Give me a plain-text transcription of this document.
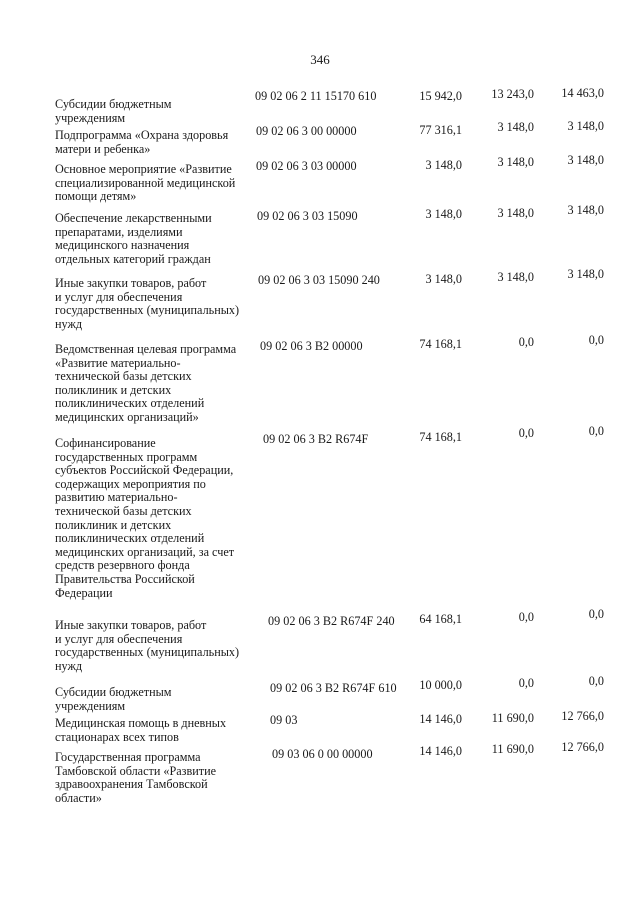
346
Субсидии бюджетным
учреждениям
09 02 06 2 11 15170 610	15 942,0	13 243,0	14 463,0
Подпрограмма «Охрана здоровья
матери и ребенка»
09 02 06 3 00 00000	77 316,1	3 148,0	3 148,0
Основное мероприятие «Развитие
специализированной медицинской
помощи детям»
09 02 06 3 03 00000	3 148,0	3 148,0	3 148,0
Обеспечение лекарственными
препаратами, изделиями
медицинского назначения
отдельных категорий граждан
09 02 06 3 03 15090	3 148,0	3 148,0	3 148,0
Иные закупки товаров, работ
и услуг для обеспечения
государственных (муниципальных)
нужд
09 02 06 3 03 15090 240	3 148,0	3 148,0	3 148,0
Ведомственная целевая программа
«Развитие материально-
технической базы детских
поликлиник и детских
поликлинических отделений
медицинских организаций»
09 02 06 3 В2 00000	74 168,1	0,0	0,0
Софинансирование
государственных программ
субъектов Российской Федерации,
содержащих мероприятия по
развитию материально-
технической базы детских
поликлиник и детских
поликлинических отделений
медицинских организаций, за счет
средств резервного фонда
Правительства Российской
Федерации
09 02 06 3 В2 R674F	74 168,1	0,0	0,0
Иные закупки товаров, работ
и услуг для обеспечения
государственных (муниципальных)
нужд
09 02 06 3 В2 R674F 240	64 168,1	0,0	0,0
Субсидии бюджетным
учреждениям
09 02 06 3 В2 R674F 610	10 000,0	0,0	0,0
Медицинская помощь в дневных
стационарах всех типов
09 03	14 146,0	11 690,0	12 766,0
Государственная программа
Тамбовской области «Развитие
здравоохранения Тамбовской
области»
09 03 06 0 00 00000	14 146,0	11 690,0	12 766,0
